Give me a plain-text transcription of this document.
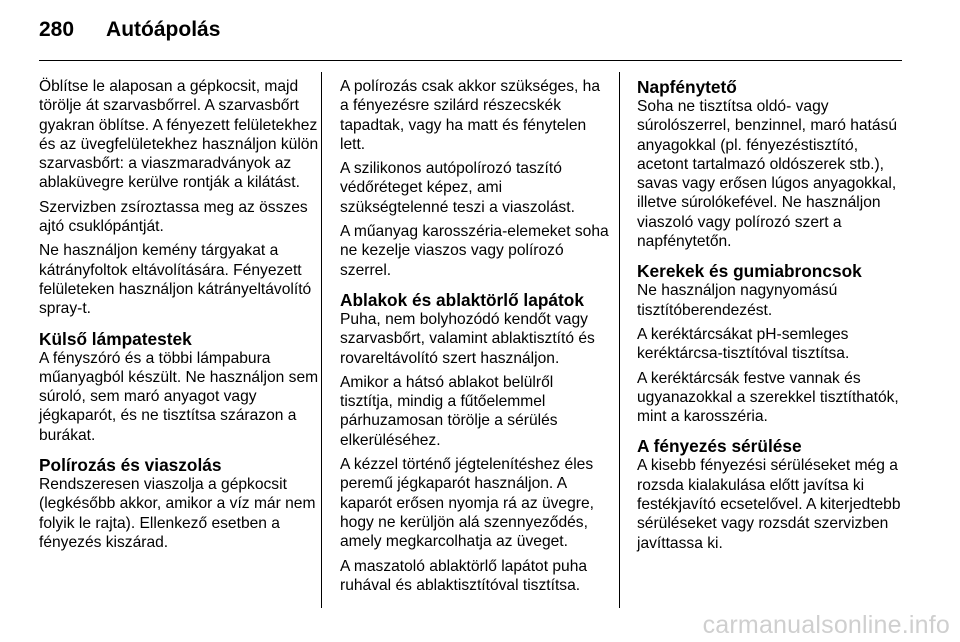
280 Autóápolás

Öblítse le alaposan a gépkocsit, majd törölje át szarvasbőrrel. A szarvasbőrt gyakran öblítse. A fényezett felületekhez és az üvegfelületekhez használjon külön szarvasbőrt: a viaszmaradványok az ablaküvegre kerülve rontják a kilátást.

Szervizben zsíroztassa meg az összes ajtó csuklópántját.

Ne használjon kemény tárgyakat a kátrányfoltok eltávolítására. Fényezett felületeken használjon kátrányeltávolító spray-t.

Külső lámpatestek

A fényszóró és a többi lámpabura műanyagból készült. Ne használjon sem súroló, sem maró anyagot vagy jégkaparót, és ne tisztítsa szárazon a burákat.

Polírozás és viaszolás

Rendszeresen viaszolja a gépkocsit (legkésőbb akkor, amikor a víz már nem folyik le rajta). Ellenkező esetben a fényezés kiszárad.

A polírozás csak akkor szükséges, ha a fényezésre szilárd részecskék tapadtak, vagy ha matt és fénytelen lett.

A szilikonos autópolírozó taszító védőréteget képez, ami szükségtelenné teszi a viaszolást.

A műanyag karosszéria-elemeket soha ne kezelje viaszos vagy polírozó szerrel.

Ablakok és ablaktörlő lapátok

Puha, nem bolyhozódó kendőt vagy szarvasbőrt, valamint ablaktisztító és rovareltávolító szert használjon.

Amikor a hátsó ablakot belülről tisztítja, mindig a fűtőelemmel párhuzamosan törölje a sérülés elkerüléséhez.

A kézzel történő jégtelenítéshez éles peremű jégkaparót használjon. A kaparót erősen nyomja rá az üvegre, hogy ne kerüljön alá szennyeződés, amely megkarcolhatja az üveget.

A maszatoló ablaktörlő lapátot puha ruhával és ablaktisztítóval tisztítsa.

Napfénytető

Soha ne tisztítsa oldó- vagy súrolószerrel, benzinnel, maró hatású anyagokkal (pl. fényezéstisztító, acetont tartalmazó oldószerek stb.), savas vagy erősen lúgos anyagokkal, illetve súrolókefével. Ne használjon viaszoló vagy polírozó szert a napfénytetőn.

Kerekek és gumiabroncsok

Ne használjon nagynyomású tisztítóberendezést.

A keréktárcsákat pH-semleges keréktárcsa-tisztítóval tisztítsa.

A keréktárcsák festve vannak és ugyanazokkal a szerekkel tisztíthatók, mint a karosszéria.

A fényezés sérülése

A kisebb fényezési sérüléseket még a rozsda kialakulása előtt javítsa ki festékjavító ecsetelővel. A kiterjedtebb sérüléseket vagy rozsdát szervizben javíttassa ki.

carmanualsonline.info
